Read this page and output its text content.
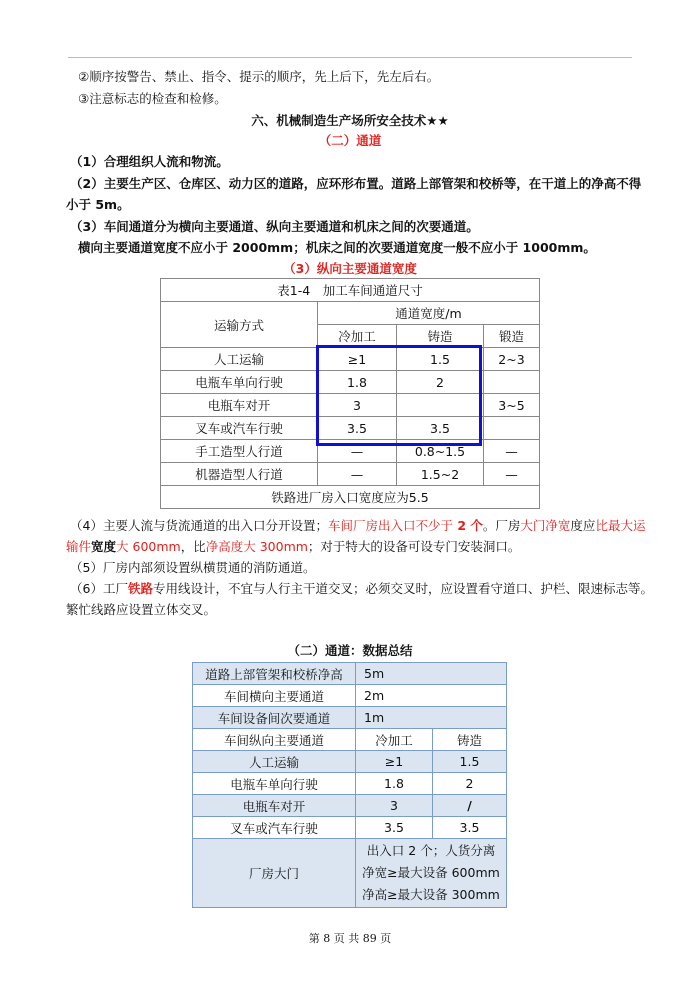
②顺序按警告、禁止、指令、提示的顺序，先上后下，先左后右。
③注意标志的检查和检修。
六、机械制造生产场所安全技术★★
（二）通道
（1）合理组织人流和物流。
（2）主要生产区、仓库区、动力区的道路，应环形布置。道路上部管架和校桥等，在干道上的净高不得
小于 5m。
（3）车间通道分为横向主要通道、纵向主要通道和机床之间的次要通道。
横向主要通道宽度不应小于 2000mm；机床之间的次要通道宽度一般不应小于 1000mm。
（3）纵向主要通道宽度
表1-4　加工车间通道尺寸			
运输方式	通道宽度/m		
	冷加工	铸造	锻造
人工运输	≥1	1.5	2~3
电瓶车单向行驶	1.8	2	
电瓶车对开	3		3~5
叉车或汽车行驶	3.5	3.5	
手工造型人行道	—	0.8~1.5	—
机器造型人行道	—	1.5~2	—
铁路进厂房入口宽度应为5.5			
（4）主要人流与货流通道的出入口分开设置；车间厂房出入口不少于 2 个。厂房大门净宽度应比最大运
输件宽度大 600mm，比净高度大 300mm；对于特大的设备可设专门安装洞口。
（5）厂房内部须设置纵横贯通的消防通道。
（6）工厂铁路专用线设计，不宜与人行主干道交叉；必须交叉时，应设置看守道口、护栏、限速标志等。
繁忙线路应设置立体交叉。
（二）通道：数据总结
道路上部管架和校桥净高	5m	
车间横向主要通道	2m	
车间设备间次要通道	1m	
车间纵向主要通道	冷加工	铸造
人工运输	≥1	1.5
电瓶车单向行驶	1.8	2
电瓶车对开	3	/
叉车或汽车行驶	3.5	3.5
厂房大门	出入口 2 个；人货分离
净宽≥最大设备 600mm
净高≥最大设备 300mm	
第 8 页 共 89 页
